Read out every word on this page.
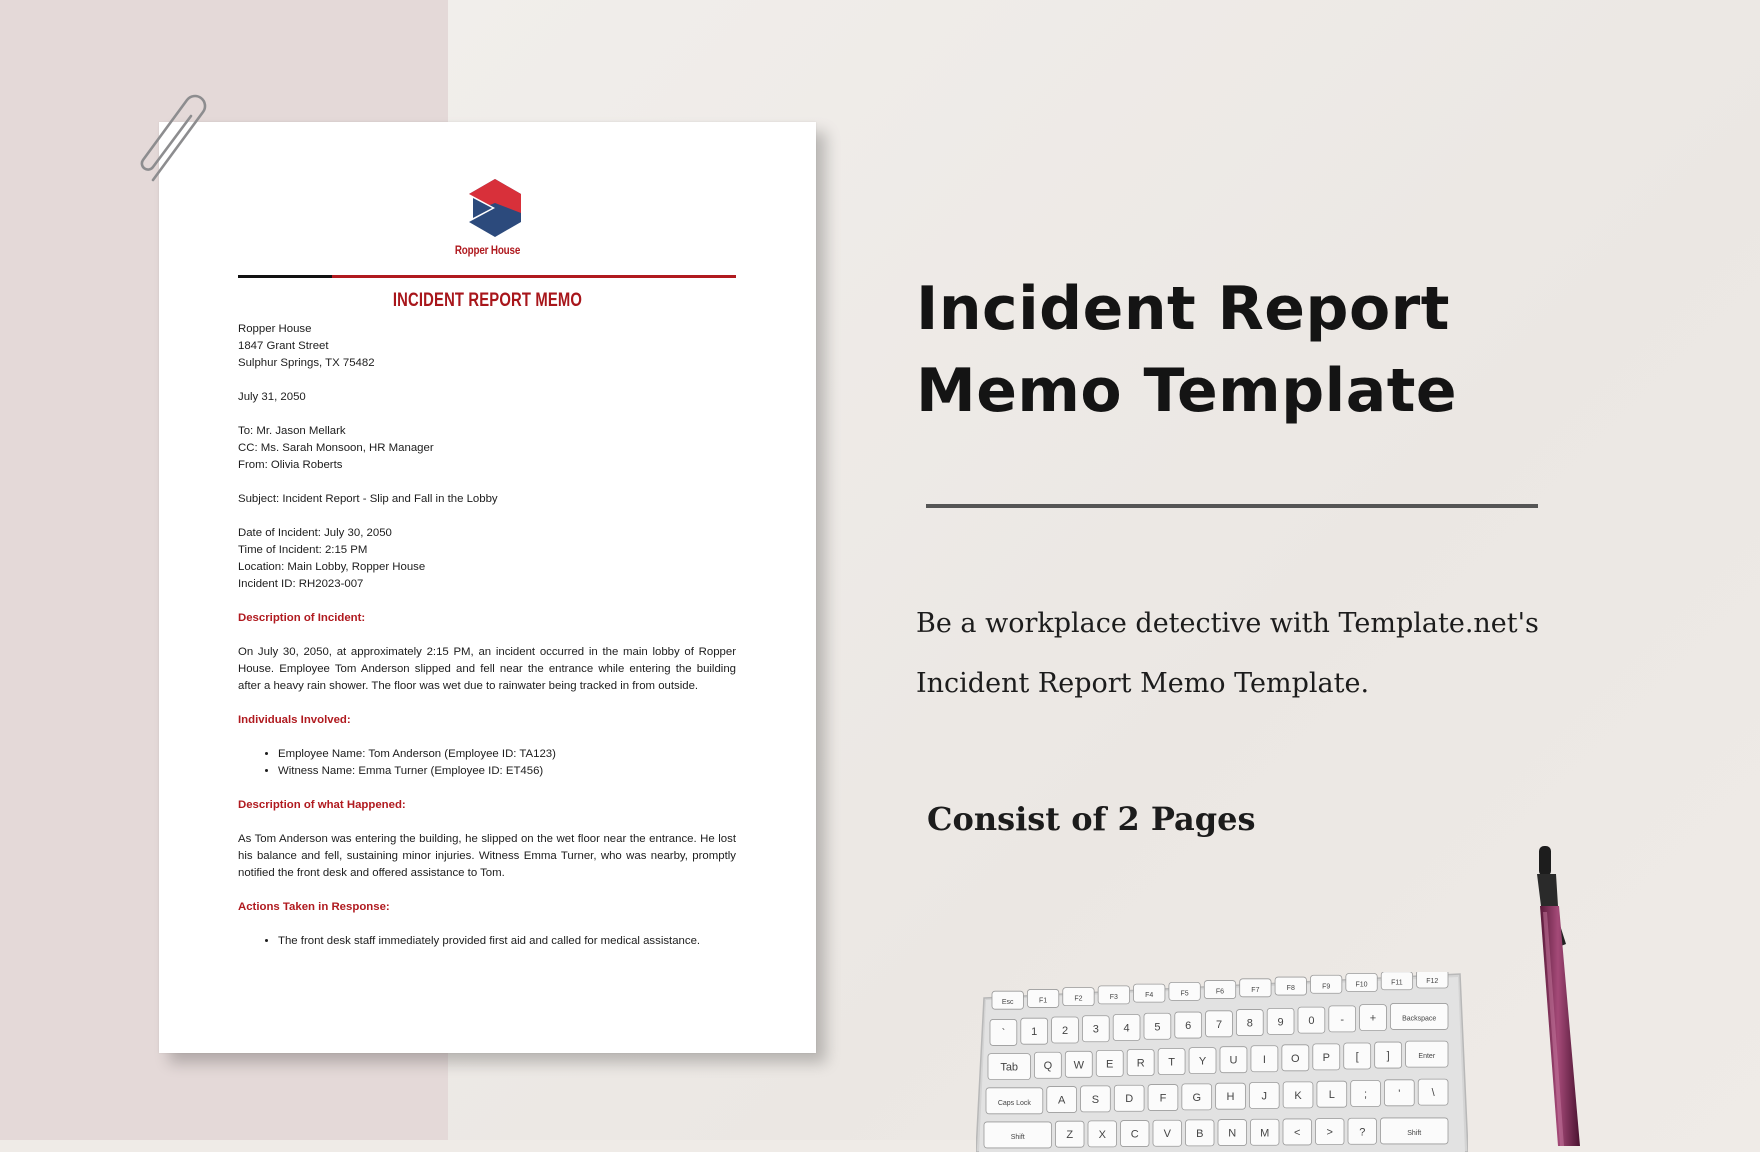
Ropper House
INCIDENT REPORT MEMO

Ropper House

1847 Grant Street

Sulphur Springs, TX 75482

July 31, 2050

To: Mr. Jason Mellark

CC: Ms. Sarah Monsoon, HR Manager

From: Olivia Roberts

Subject: Incident Report - Slip and Fall in the Lobby

Date of Incident: July 30, 2050

Time of Incident: 2:15 PM

Location: Main Lobby, Ropper House

Incident ID: RH2023-007

Description of Incident:

On July 30, 2050, at approximately 2:15 PM, an incident occurred in the main lobby of Ropper House. Employee Tom Anderson slipped and fell near the entrance while entering the building after a heavy rain shower. The floor was wet due to rainwater being tracked in from outside.

Individuals Involved:

• Employee Name: Tom Anderson (Employee ID: TA123)
• Witness Name: Emma Turner (Employee ID: ET456)

Description of what Happened:

As Tom Anderson was entering the building, he slipped on the wet floor near the entrance. He lost his balance and fell, sustaining minor injuries. Witness Emma Turner, who was nearby, promptly notified the front desk and offered assistance to Tom.

Actions Taken in Response:

• The front desk staff immediately provided first aid and called for medical assistance.
Incident Report
Memo Template
Be a workplace detective with Template.net's
Incident Report Memo Template.
Consist of 2 Pages
Esc	F1	F2	F3	F4	F5	F6	F7	F8	F9	F10	F11	F12
` 1 2 3 4 5 6 7 8 9 0 - +	Backspace
Tab Q W E R T Y U I O P [	]	Enter
Caps Lock A S D F G H J K L	;	'	\
Shift	Z X C V B N M < > ?	Shift
